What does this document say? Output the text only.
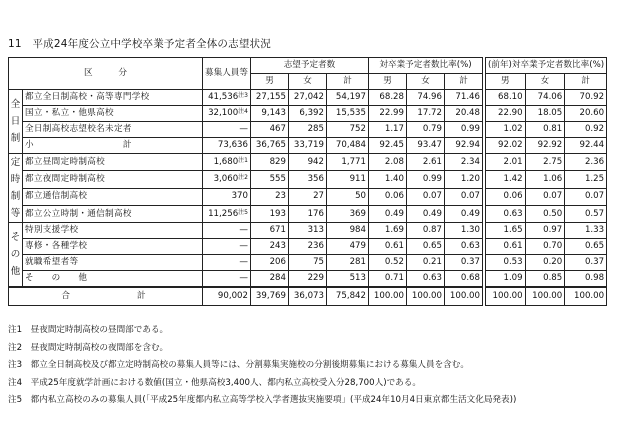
11　平成24年度公立中学校卒業予定者全体の志望状況
区　　　分		募集人員等	志望予定者数			対卒業予定者数比率(%)				(前年)対卒業予定者数比率(%)		
			男	女	計	男	女	計		男	女	計

全
日
制	都立全日制高校・高等専門学校	41,536$^{注3}$	27,155	27,042	54,197	68.28	74.96	71.46		68.10	74.06	70.92
	国立・私立・他県高校	32,100$^{注4}$	9,143	6,392	15,535	22.99	17.72	20.48		22.90	18.05	20.60
	全日制高校志望校名未定者	—	467	285	752	1.17	0.79	0.99		1.02	0.81	0.92
	小　　　　　　　　　　計	73,636	36,765	33,719	70,484	92.45	93.47	92.94		92.02	92.92	92.44

定
時
制
等	都立昼間定時制高校	1,680$^{注1}$	829	942	1,771	2.08	2.61	2.34		2.01	2.75	2.36
	都立夜間定時制高校	3,060$^{注2}$	555	356	911	1.40	0.99	1.20		1.42	1.06	1.25
	都立通信制高校	370	23	27	50	0.06	0.07	0.07		0.06	0.07	0.07
	都立公立時制・通信制高校	11,256$^{注5}$	193	176	369	0.49	0.49	0.49		0.63	0.50	0.57

そ
の
他	特別支援学校	—	671	313	984	1.69	0.87	1.30		1.65	0.97	1.33
	専修・各種学校	—	243	236	479	0.61	0.65	0.63		0.61	0.70	0.65
	就職希望者等	—	206	75	281	0.52	0.21	0.37		0.53	0.20	0.37
	そ　　の　　他	—	284	229	513	0.71	0.63	0.68		1.09	0.85	0.98
合　　　　　計		90,002	39,769	36,073	75,842	100.00	100.00	100.00		100.00	100.00	100.00
注1　昼夜間定時制高校の昼間部である。
注2　昼夜間定時制高校の夜間部を含む。
注3　都立全日制高校及び都立定時制高校の募集人員等には、分割募集実施校の分割後期募集における募集人員を含む。
注4　平成25年度就学計画における数値(国立・他県高校3,400人、都内私立高校受入分28,700人)である。
注5　都内私立高校のみの募集人員(「平成25年度都内私立高等学校入学者選抜実施要項」(平成24年10月4日東京都生活文化局発表))
